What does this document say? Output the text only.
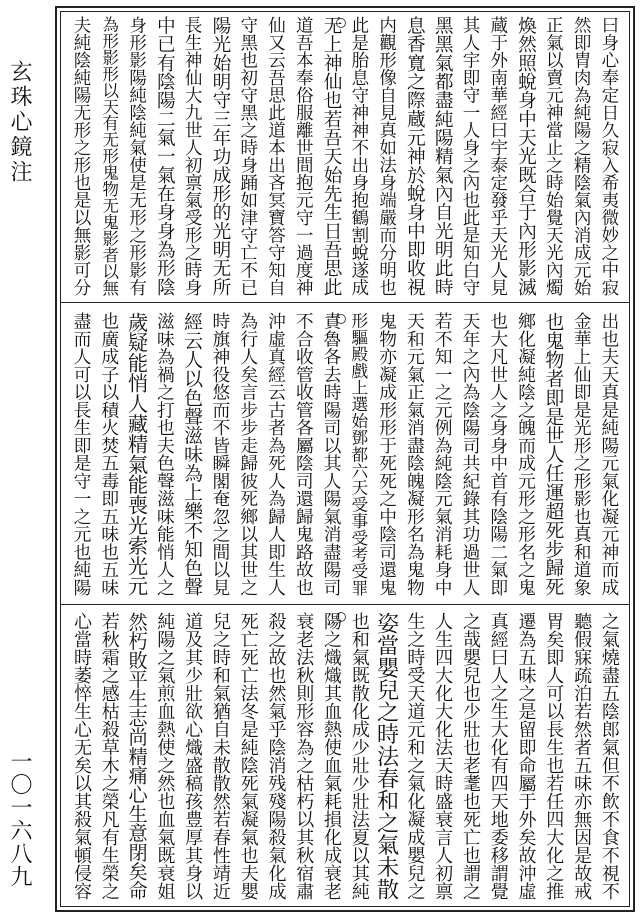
玄珠心鏡注
一〇一六八九
曰身心奉定日久寂入希夷微妙之中寂
然即胄肉為純陽之精陰氣內消成元始
正氣以賣元神當止之時始覺天光內燭
煥然照蛻身中天光既合于內形影滅
蔵于外南華經曰宇泰定發乎天光人見
其人宇即守一人身之內也此是知白守
黑黑氣都盡純陽精氣內自光明此時
息香寬之際蔵元神於蛻身中即收視
内觀形像自見真如法身端嚴而分明也
此是胎息守神神不出身抱鶴割蛻遂成
无上神仙也若吾天始先生日吾思此
道吾本奉俗服離世間抱元守一過度神
仙又云吾思此道本出吝冥寶答守知自
守黑也初守黑之時身踊如津守亡不已
陽光始明守三年功成形的光明无所
長生神仙大九世人初禀氣受形之時身
中已有陰陽二氣一氣在身身為形陰
身形影陽純陰純氣使是无形之形影有
為形影形以天有无形鬼物无鬼影者以無
夫純陰純陽无形之形也是以無影可分
出也夫天真是純陽元氣化凝元神而成
金華上仙即是光形之形影也真和道象
也鬼物者即是世人任運超死步歸死
鄉化凝純陰之魄而成元形之形名之鬼
也大凡世人之身身中首有陰陽二氣即
天年之內為陰陽司共紀錄其功過世人
若不知一之元例為純陰元氣消耗身中
天和元氣正氣消盡陰魄凝形名為鬼物
鬼物亦凝成形形于死死之中陰司還鬼
形驅殿戲上選始鄧都六天受事受考受罪
責魯各去時陽司以其人陽氣消盡陽司
不合收管收管各屬陰司還歸鬼路故也
沖虛真經云古者為死人為歸人即生人
為行人矣言步步走歸彼死鄉以其世之
時旗神役悠而不皆瞬閣奄忽之間以見
經云人以色聲滋味為上樂不知色聲
滋味為禍之打也夫色聲滋味能悄人之
歲疑能悄人藏精氣能喪光索光元
也廣成子以積火焚五毒即五味也五味
盡而人可以長生即是守一之元也純陽
之氣燒盡五陰郎氣但不飲不食不視不
聽假寐疏泊若然者五味亦無因是故戒
胃矣即人可以長生也若任四大化之推
遷為五味之是留即命屬于外矣故沖虛
真經曰人之生大化有四天地委移謂覺
之哉嬰兒也少壯也老耄也死亡也謂之
人生四大化大化法天時盛衰言人初禀
生之時受天道元和之氣化凝成嬰兒之
姿當嬰兒之時法春和之氣未散
也和氣既散化成少壯少壯法夏以其純
陽之熾熾其血熱使血氣耗損化成衰老
衰老法秋則形容為之枯朽以其秋宿肅
殺之故也然氣乎陰消残殘陽殺氣化成
死亡死亡法冬是純陰死氣凝氣也夫嬰
兒之時和氣猶自未散散然若春性靖近
道及其少壯欲心熾盛稿孩豊厚其身以
純陽之氣煎血熱使之然也血氣既衰姐
然朽敗平生志尚精痛心生意閉矣命
若秋霜之感枯殺草木之榮凡有生榮之
心當時萎悴生心无矣以其殺氣頓侵容
